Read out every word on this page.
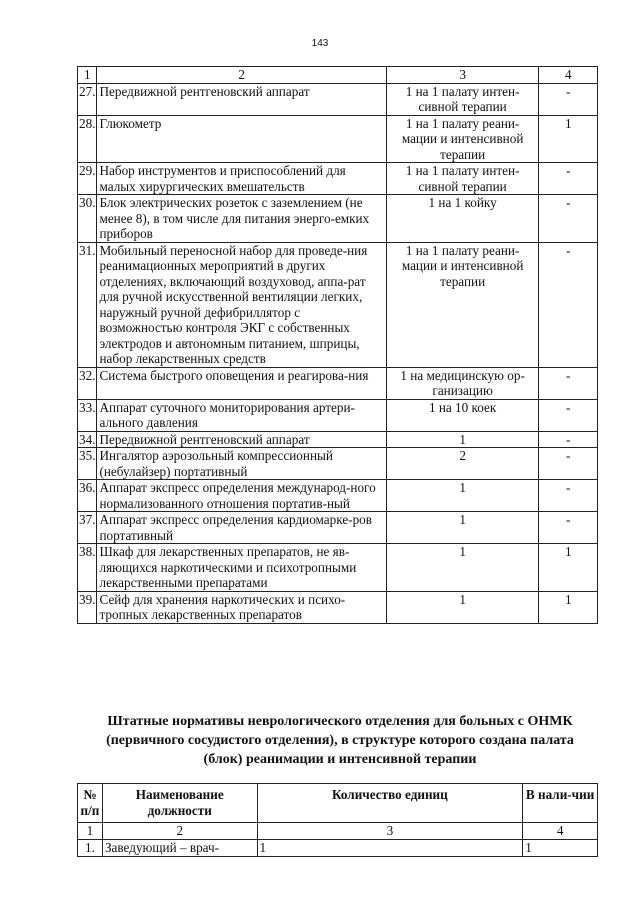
143
1	2	3	4
27.	Передвижной рентгеновский аппарат	1 на 1 палату интен-сивной терапии	-
28.	Глюкометр	1 на 1 палату реани-мации и интенсивной терапии	1
29.	Набор инструментов и приспособлений для малых хирургических вмешательств	1 на 1 палату интен-сивной терапии	-
30.	Блок электрических розеток с заземлением (не менее 8), в том числе для питания энерго-емких приборов	1 на 1 койку	-
31.	Мобильный переносной набор для проведе-ния реанимационных мероприятий в других отделениях, включающий воздуховод, аппа-рат для ручной искусственной вентиляции легких, наружный ручной дефибриллятор с возможностью контроля ЭКГ с собственных электродов и автономным питанием, шприцы, набор лекарственных средств	1 на 1 палату реани-мации и интенсивной терапии	-
32.	Система быстрого оповещения и реагирова-ния	1 на медицинскую ор-ганизацию	-
33.	Аппарат суточного мониторирования артери-ального давления	1 на 10 коек	-
34.	Передвижной рентгеновский аппарат	1	-
35.	Ингалятор аэрозольный компрессионный (небулайзер) портативный	2	-
36.	Аппарат экспресс определения международ-ного нормализованного отношения портатив-ный	1	-
37.	Аппарат экспресс определения кардиомарке-ров портативный	1	-
38.	Шкаф для лекарственных препаратов, не яв-ляющихся наркотическими и психотропными лекарственными препаратами	1	1
39.	Сейф для хранения наркотических и психо-тропных лекарственных препаратов	1	1
Штатные нормативы неврологического отделения для больных с ОНМК (первичного сосудистого отделения), в структуре которого создана палата (блок) реанимации и интенсивной терапии
№ п/п	Наименование должности	Количество единиц	В нали-чии
1	2	3	4
1.	Заведующий – врач-	1	1
